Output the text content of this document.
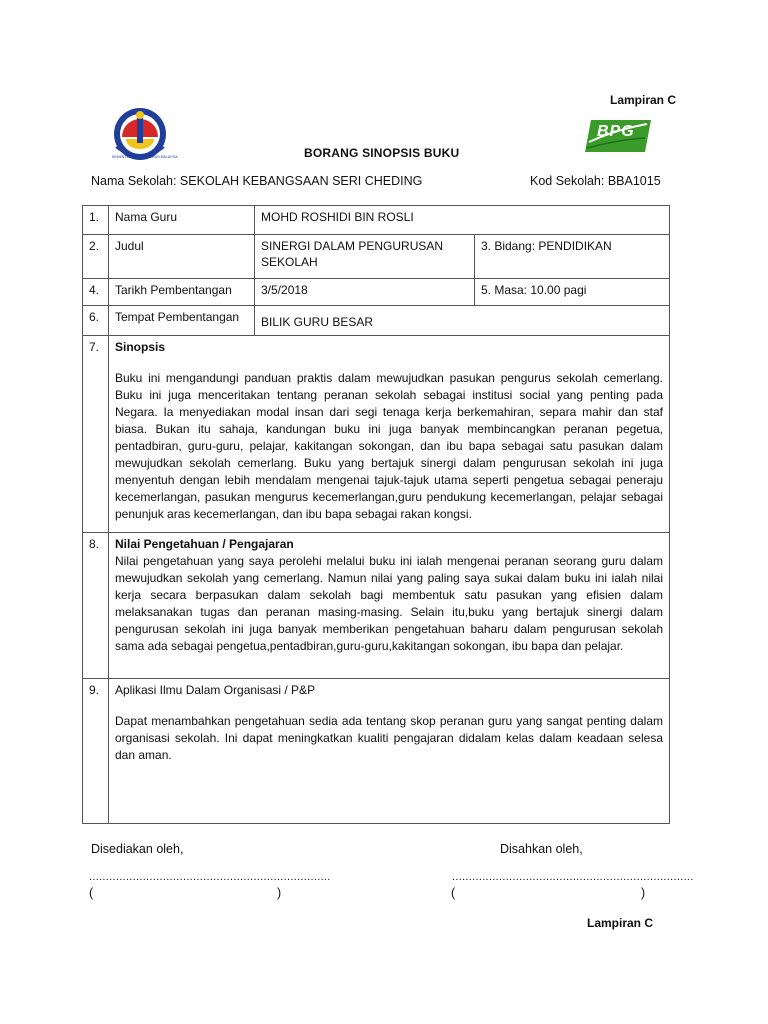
Lampiran C
KEMENTERIAN PENDIDIKAN MALAYSIA
BPG
BORANG SINOPSIS BUKU
Nama Sekolah: SEKOLAH KEBANGSAAN SERI CHEDING	Kod Sekolah: BBA1015
1.	Nama Guru	MOHD ROSHIDI BIN ROSLI	
2.	Judul	SINERGI DALAM PENGURUSAN SEKOLAH	3. Bidang: PENDIDIKAN
4.	Tarikh Pembentangan	3/5/2018	5. Masa: 10.00 pagi
6.	Tempat Pembentangan	BILIK GURU BESAR	
7.	Sinopsis

Buku ini mengandungi panduan praktis dalam mewujudkan pasukan pengurus sekolah cemerlang. Buku ini juga menceritakan tentang peranan sekolah sebagai institusi social yang penting pada Negara. Ia menyediakan modal insan dari segi tenaga kerja berkemahiran, separa mahir dan staf biasa. Bukan itu sahaja, kandungan buku ini juga banyak membincangkan peranan pegetua, pentadbiran, guru-guru, pelajar, kakitangan sokongan, dan ibu bapa sebagai satu pasukan dalam mewujudkan sekolah cemerlang. Buku yang bertajuk sinergi dalam pengurusan sekolah ini juga menyentuh dengan lebih mendalam mengenai tajuk-tajuk utama seperti pengetua sebagai peneraju kecemerlangan, pasukan mengurus kecemerlangan,guru pendukung kecemerlangan, pelajar sebagai penunjuk aras kecemerlangan, dan ibu bapa sebagai rakan kongsi.		

8.	Nilai Pengetahuan / Pengajaran

Nilai pengetahuan yang saya perolehi melalui buku ini ialah mengenai peranan seorang guru dalam mewujudkan sekolah yang cemerlang. Namun nilai yang paling saya sukai dalam buku ini ialah nilai kerja secara berpasukan dalam sekolah bagi membentuk satu pasukan yang efisien dalam melaksanakan tugas dan peranan masing-masing. Selain itu,buku yang bertajuk sinergi dalam pengurusan sekolah ini juga banyak memberikan pengetahuan baharu dalam pengurusan sekolah sama ada sebagai pengetua,pentadbiran,guru-guru,kakitangan sokongan, ibu bapa dan pelajar.		

9.	Aplikasi Ilmu Dalam Organisasi / P&P

Dapat menambahkan pengetahuan sedia ada tentang skop peranan guru yang sangat penting dalam organisasi sekolah. Ini dapat meningkatkan kualiti pengajaran didalam kelas dalam keadaan selesa dan aman.		

Disediakan oleh,	Disahkan oleh,
........................................................................	........................................................................
(	)	(	)
Lampiran C
